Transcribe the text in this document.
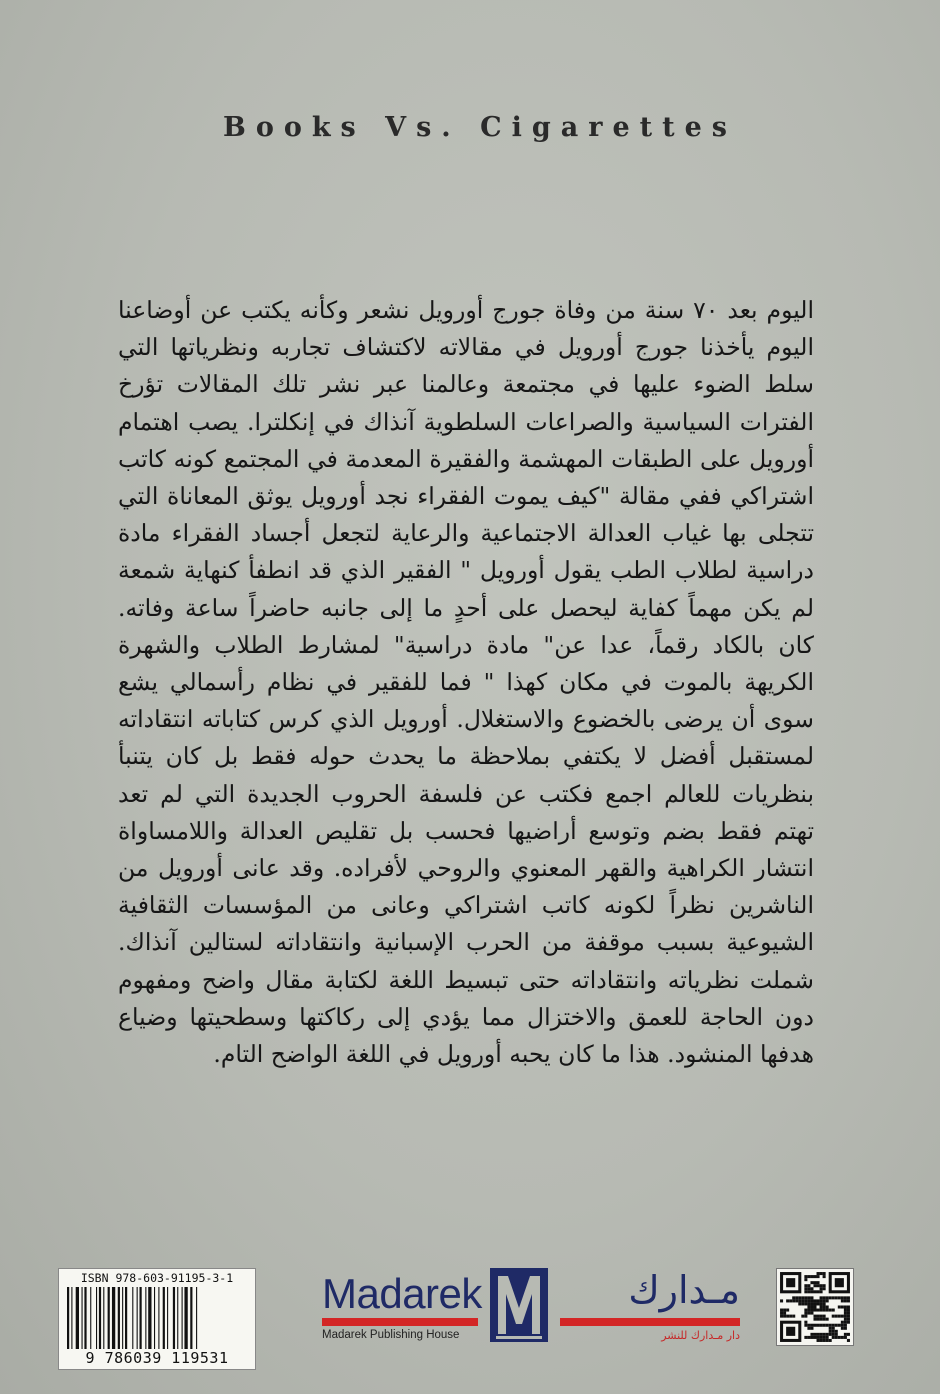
Books Vs. Cigarettes

اليوم بعد ٧٠ سنة من وفاة جورج أورويل نشعر وكأنه يكتب عن أوضاعنا اليوم يأخذنا جورج أورويل في مقالاته لاكتشاف تجاربه ونظرياتها التي سلط الضوء عليها في مجتمعة وعالمنا عبر نشر تلك المقالات تؤرخ الفترات السياسية والصراعات السلطوية آنذاك في إنكلترا. يصب اهتمام أورويل على الطبقات المهشمة والفقيرة المعدمة في المجتمع كونه كاتب اشتراكي ففي مقالة "كيف يموت الفقراء نجد أورويل يوثق المعاناة التي تتجلى بها غياب العدالة الاجتماعية والرعاية لتجعل أجساد الفقراء مادة دراسية لطلاب الطب يقول أورويل " الفقير الذي قد انطفأ كنهاية شمعة لم يكن مهماً كفاية ليحصل على أحدٍ ما إلى جانبه حاضراً ساعة وفاته. كان بالكاد رقماً، عدا عن" مادة دراسية" لمشارط الطلاب والشهرة الكريهة بالموت في مكان كهذا " فما للفقير في نظام رأسمالي يشع سوى أن يرضى بالخضوع والاستغلال. أورويل الذي كرس كتاباته انتقاداته لمستقبل أفضل لا يكتفي بملاحظة ما يحدث حوله فقط بل كان يتنبأ بنظريات للعالم اجمع فكتب عن فلسفة الحروب الجديدة التي لم تعد تهتم فقط بضم وتوسع أراضيها فحسب بل تقليص العدالة واللامساواة انتشار الكراهية والقهر المعنوي والروحي لأفراده. وقد عانى أورويل من الناشرين نظراً لكونه كاتب اشتراكي وعانى من المؤسسات الثقافية الشيوعية بسبب موقفة من الحرب الإسبانية وانتقاداته لستالين آنذاك. شملت نظرياته وانتقاداته حتى تبسيط اللغة لكتابة مقال واضح ومفهوم دون الحاجة للعمق والاختزال مما يؤدي إلى ركاكتها وسطحيتها وضياع هدفها المنشود. هذا ما كان يحبه أورويل في اللغة الواضح التام.

ISBN 978-603-91195-3-1
9 786039 119531
Madarek
Madarek Publishing House
مـدارك
دار مـدارك للنشر
